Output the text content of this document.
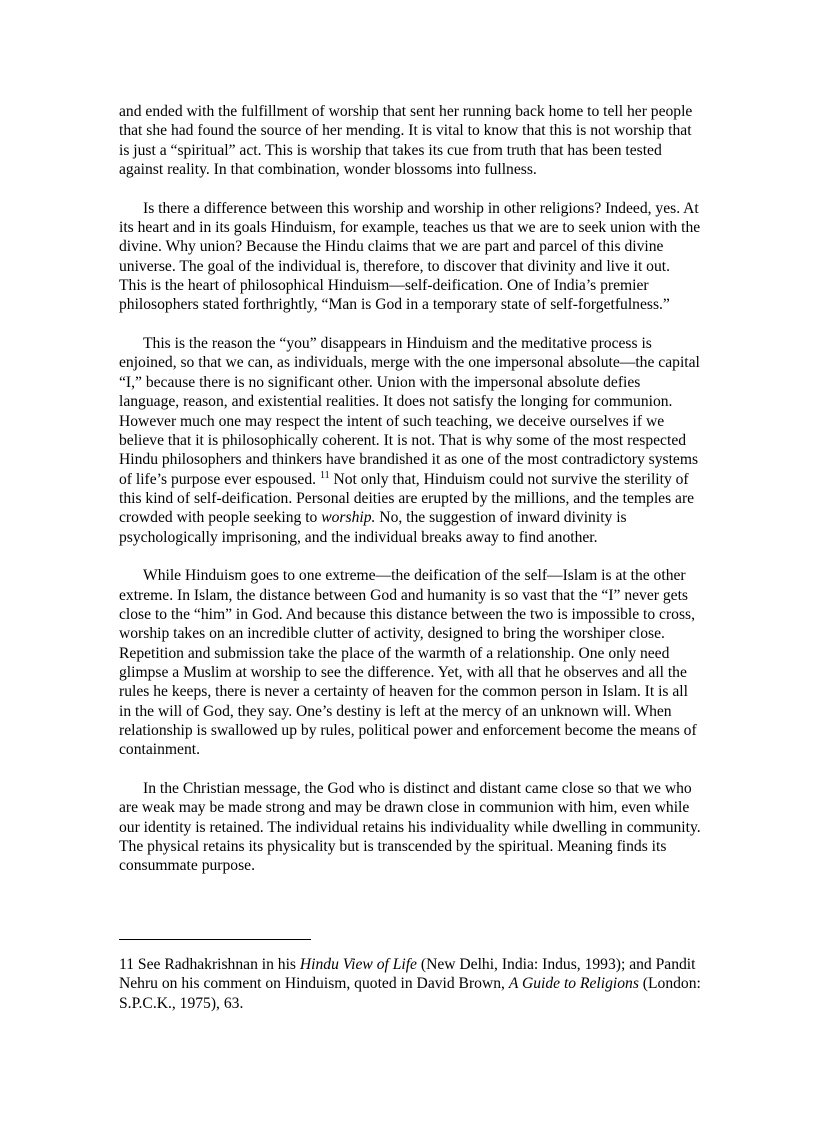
and ended with the fulfillment of worship that sent her running back home to tell her people that she had found the source of her mending. It is vital to know that this is not worship that is just a “spiritual” act. This is worship that takes its cue from truth that has been tested against reality. In that combination, wonder blossoms into fullness.

Is there a difference between this worship and worship in other religions? Indeed, yes. At its heart and in its goals Hinduism, for example, teaches us that we are to seek union with the divine. Why union? Because the Hindu claims that we are part and parcel of this divine universe. The goal of the individual is, therefore, to discover that divinity and live it out. This is the heart of philosophical Hinduism—self-deification. One of India’s premier philosophers stated forthrightly, “Man is God in a temporary state of self-forgetfulness.”

This is the reason the “you” disappears in Hinduism and the meditative process is enjoined, so that we can, as individuals, merge with the one impersonal absolute—the capital “I,” because there is no significant other. Union with the impersonal absolute defies language, reason, and existential realities. It does not satisfy the longing for communion. However much one may respect the intent of such teaching, we deceive ourselves if we believe that it is philosophically coherent. It is not. That is why some of the most respected Hindu philosophers and thinkers have brandished it as one of the most contradictory systems of life’s purpose ever espoused. $^{11}$ Not only that, Hinduism could not survive the sterility of this kind of self-deification. Personal deities are erupted by the millions, and the temples are crowded with people seeking to worship. No, the suggestion of inward divinity is psychologically imprisoning, and the individual breaks away to find another.

While Hinduism goes to one extreme—the deification of the self—Islam is at the other extreme. In Islam, the distance between God and humanity is so vast that the “I” never gets close to the “him” in God. And because this distance between the two is impossible to cross, worship takes on an incredible clutter of activity, designed to bring the worshiper close. Repetition and submission take the place of the warmth of a relationship. One only need glimpse a Muslim at worship to see the difference. Yet, with all that he observes and all the rules he keeps, there is never a certainty of heaven for the common person in Islam. It is all in the will of God, they say. One’s destiny is left at the mercy of an unknown will. When relationship is swallowed up by rules, political power and enforcement become the means of containment.

In the Christian message, the God who is distinct and distant came close so that we who are weak may be made strong and may be drawn close in communion with him, even while our identity is retained. The individual retains his individuality while dwelling in community. The physical retains its physicality but is transcended by the spiritual. Meaning finds its consummate purpose.

11 See Radhakrishnan in his Hindu View of Life (New Delhi, India: Indus, 1993); and Pandit Nehru on his comment on Hinduism, quoted in David Brown, A Guide to Religions (London: S.P.C.K., 1975), 63.
